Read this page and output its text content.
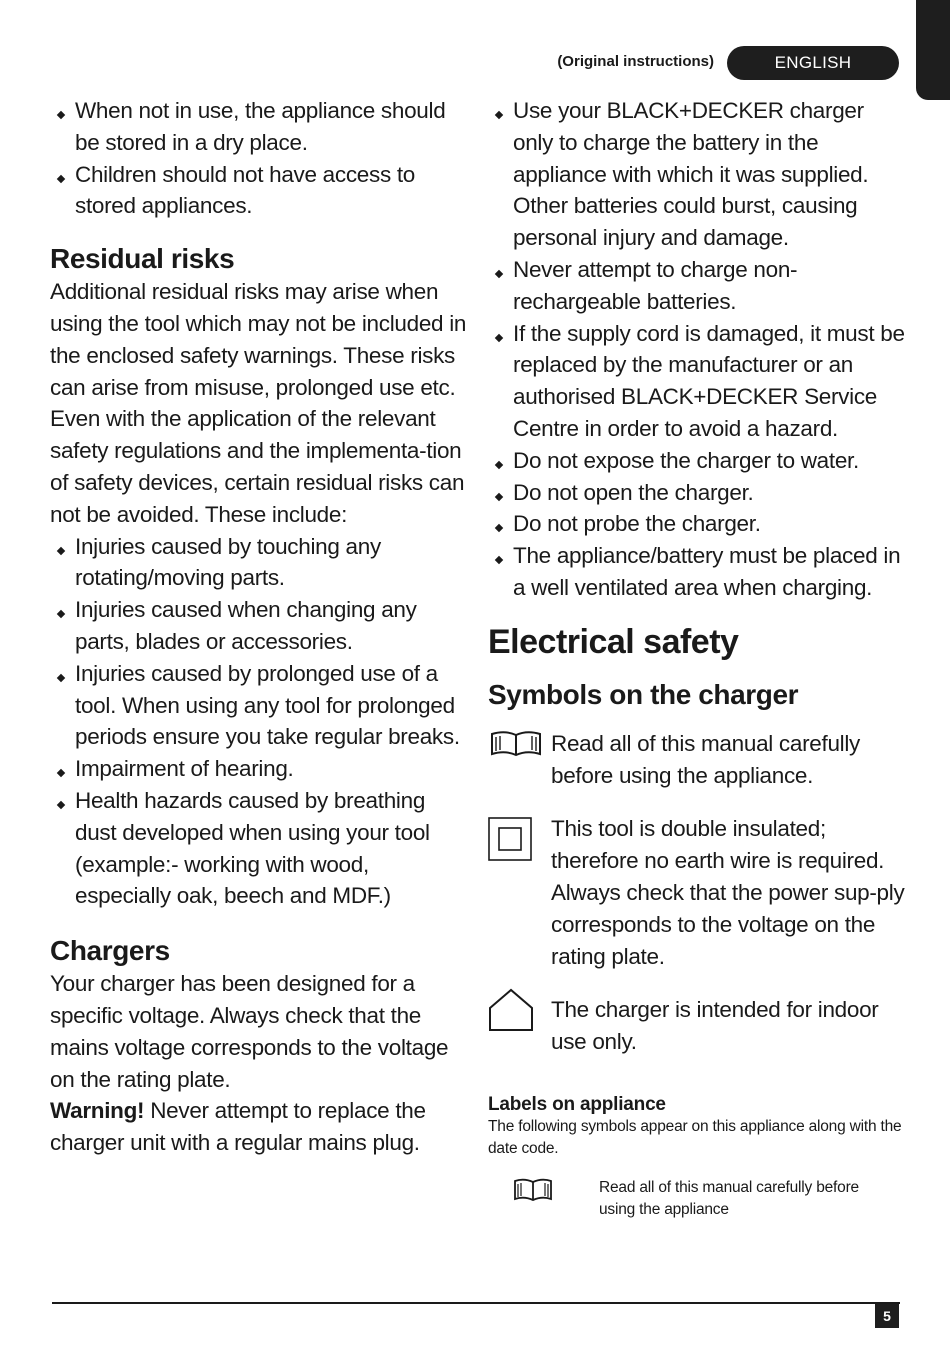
(Original instructions)	ENGLISH
When not in use, the appliance should be stored in a dry place.
Children should not have access to stored appliances.
Residual risks

Additional residual risks may arise when using the tool which may not be included in the enclosed safety warnings. These risks can arise from misuse, prolonged use etc.

Even with the application of the relevant safety regulations and the implementa-tion of safety devices, certain residual risks can not be avoided. These include:

Injuries caused by touching any rotating/moving parts.
Injuries caused when changing any parts, blades or accessories.
Injuries caused by prolonged use of a tool. When using any tool for prolonged periods ensure you take regular breaks.
Impairment of hearing.
Health hazards caused by breathing dust developed when using your tool (example:- working with wood, especially oak, beech and MDF.)
Chargers

Your charger has been designed for a specific voltage. Always check that the mains voltage corresponds to the voltage on the rating plate.

Warning! Never attempt to replace the charger unit with a regular mains plug.

Use your BLACK+DECKER charger only to charge the battery in the appliance with which it was supplied. Other batteries could burst, causing personal injury and damage.
Never attempt to charge non-rechargeable batteries.
If the supply cord is damaged, it must be replaced by the manufacturer or an authorised BLACK+DECKER Service Centre in order to avoid a hazard.
Do not expose the charger to water.
Do not open the charger.
Do not probe the charger.
The appliance/battery must be placed in a well ventilated area when charging.
Electrical safety
Symbols on the charger
Read all of this manual carefully before using the appliance.
This tool is double insulated; therefore no earth wire is required. Always check that the power sup-ply corresponds to the voltage on the rating plate.
The charger is intended for indoor use only.
Labels on appliance
The following symbols appear on this appliance along with the date code.
Read all of this manual carefully before using the appliance
5
